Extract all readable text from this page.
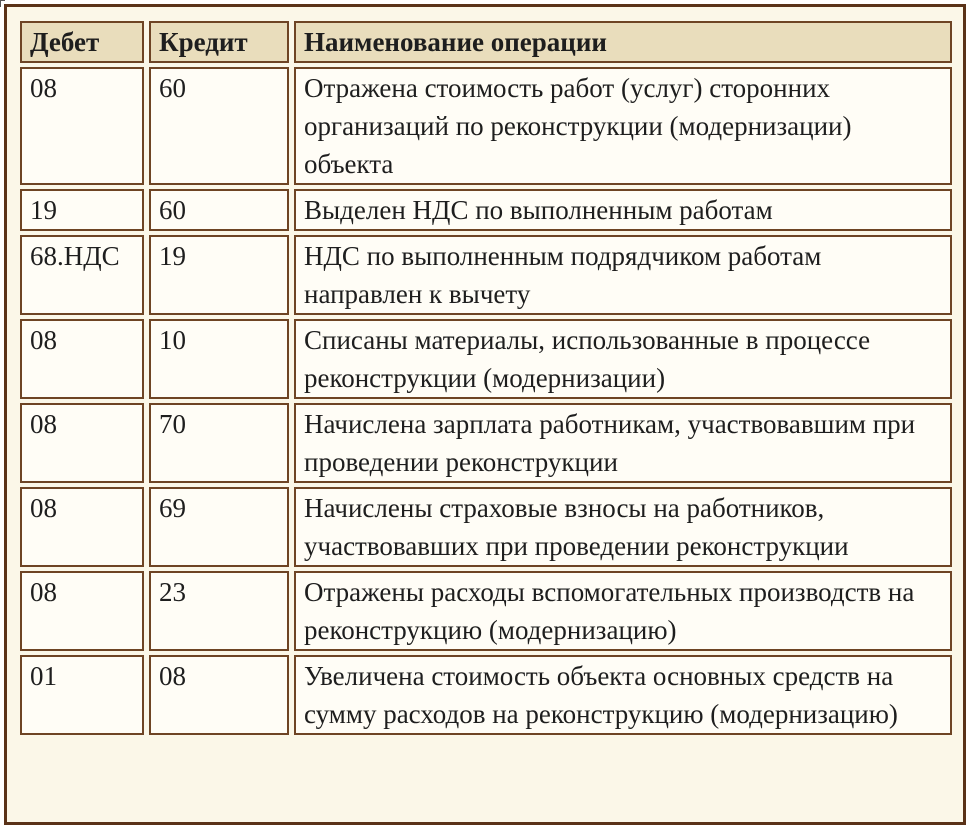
Дебет	Кредит	Наименование операции
08	60	Отражена стоимость работ (услуг) сторонних организаций по реконструкции (модернизации) объекта
19	60	Выделен НДС по выполненным работам
68.НДС	19	НДС по выполненным подрядчиком работам направлен к вычету
08	10	Списаны материалы, использованные в процессе реконструкции (модернизации)
08	70	Начислена зарплата работникам, участвовавшим при проведении реконструкции
08	69	Начислены страховые взносы на работников, участвовавших при проведении реконструкции
08	23	Отражены расходы вспомогательных производств на реконструкцию (модернизацию)
01	08	Увеличена стоимость объекта основных средств на сумму расходов на реконструкцию (модернизацию)
